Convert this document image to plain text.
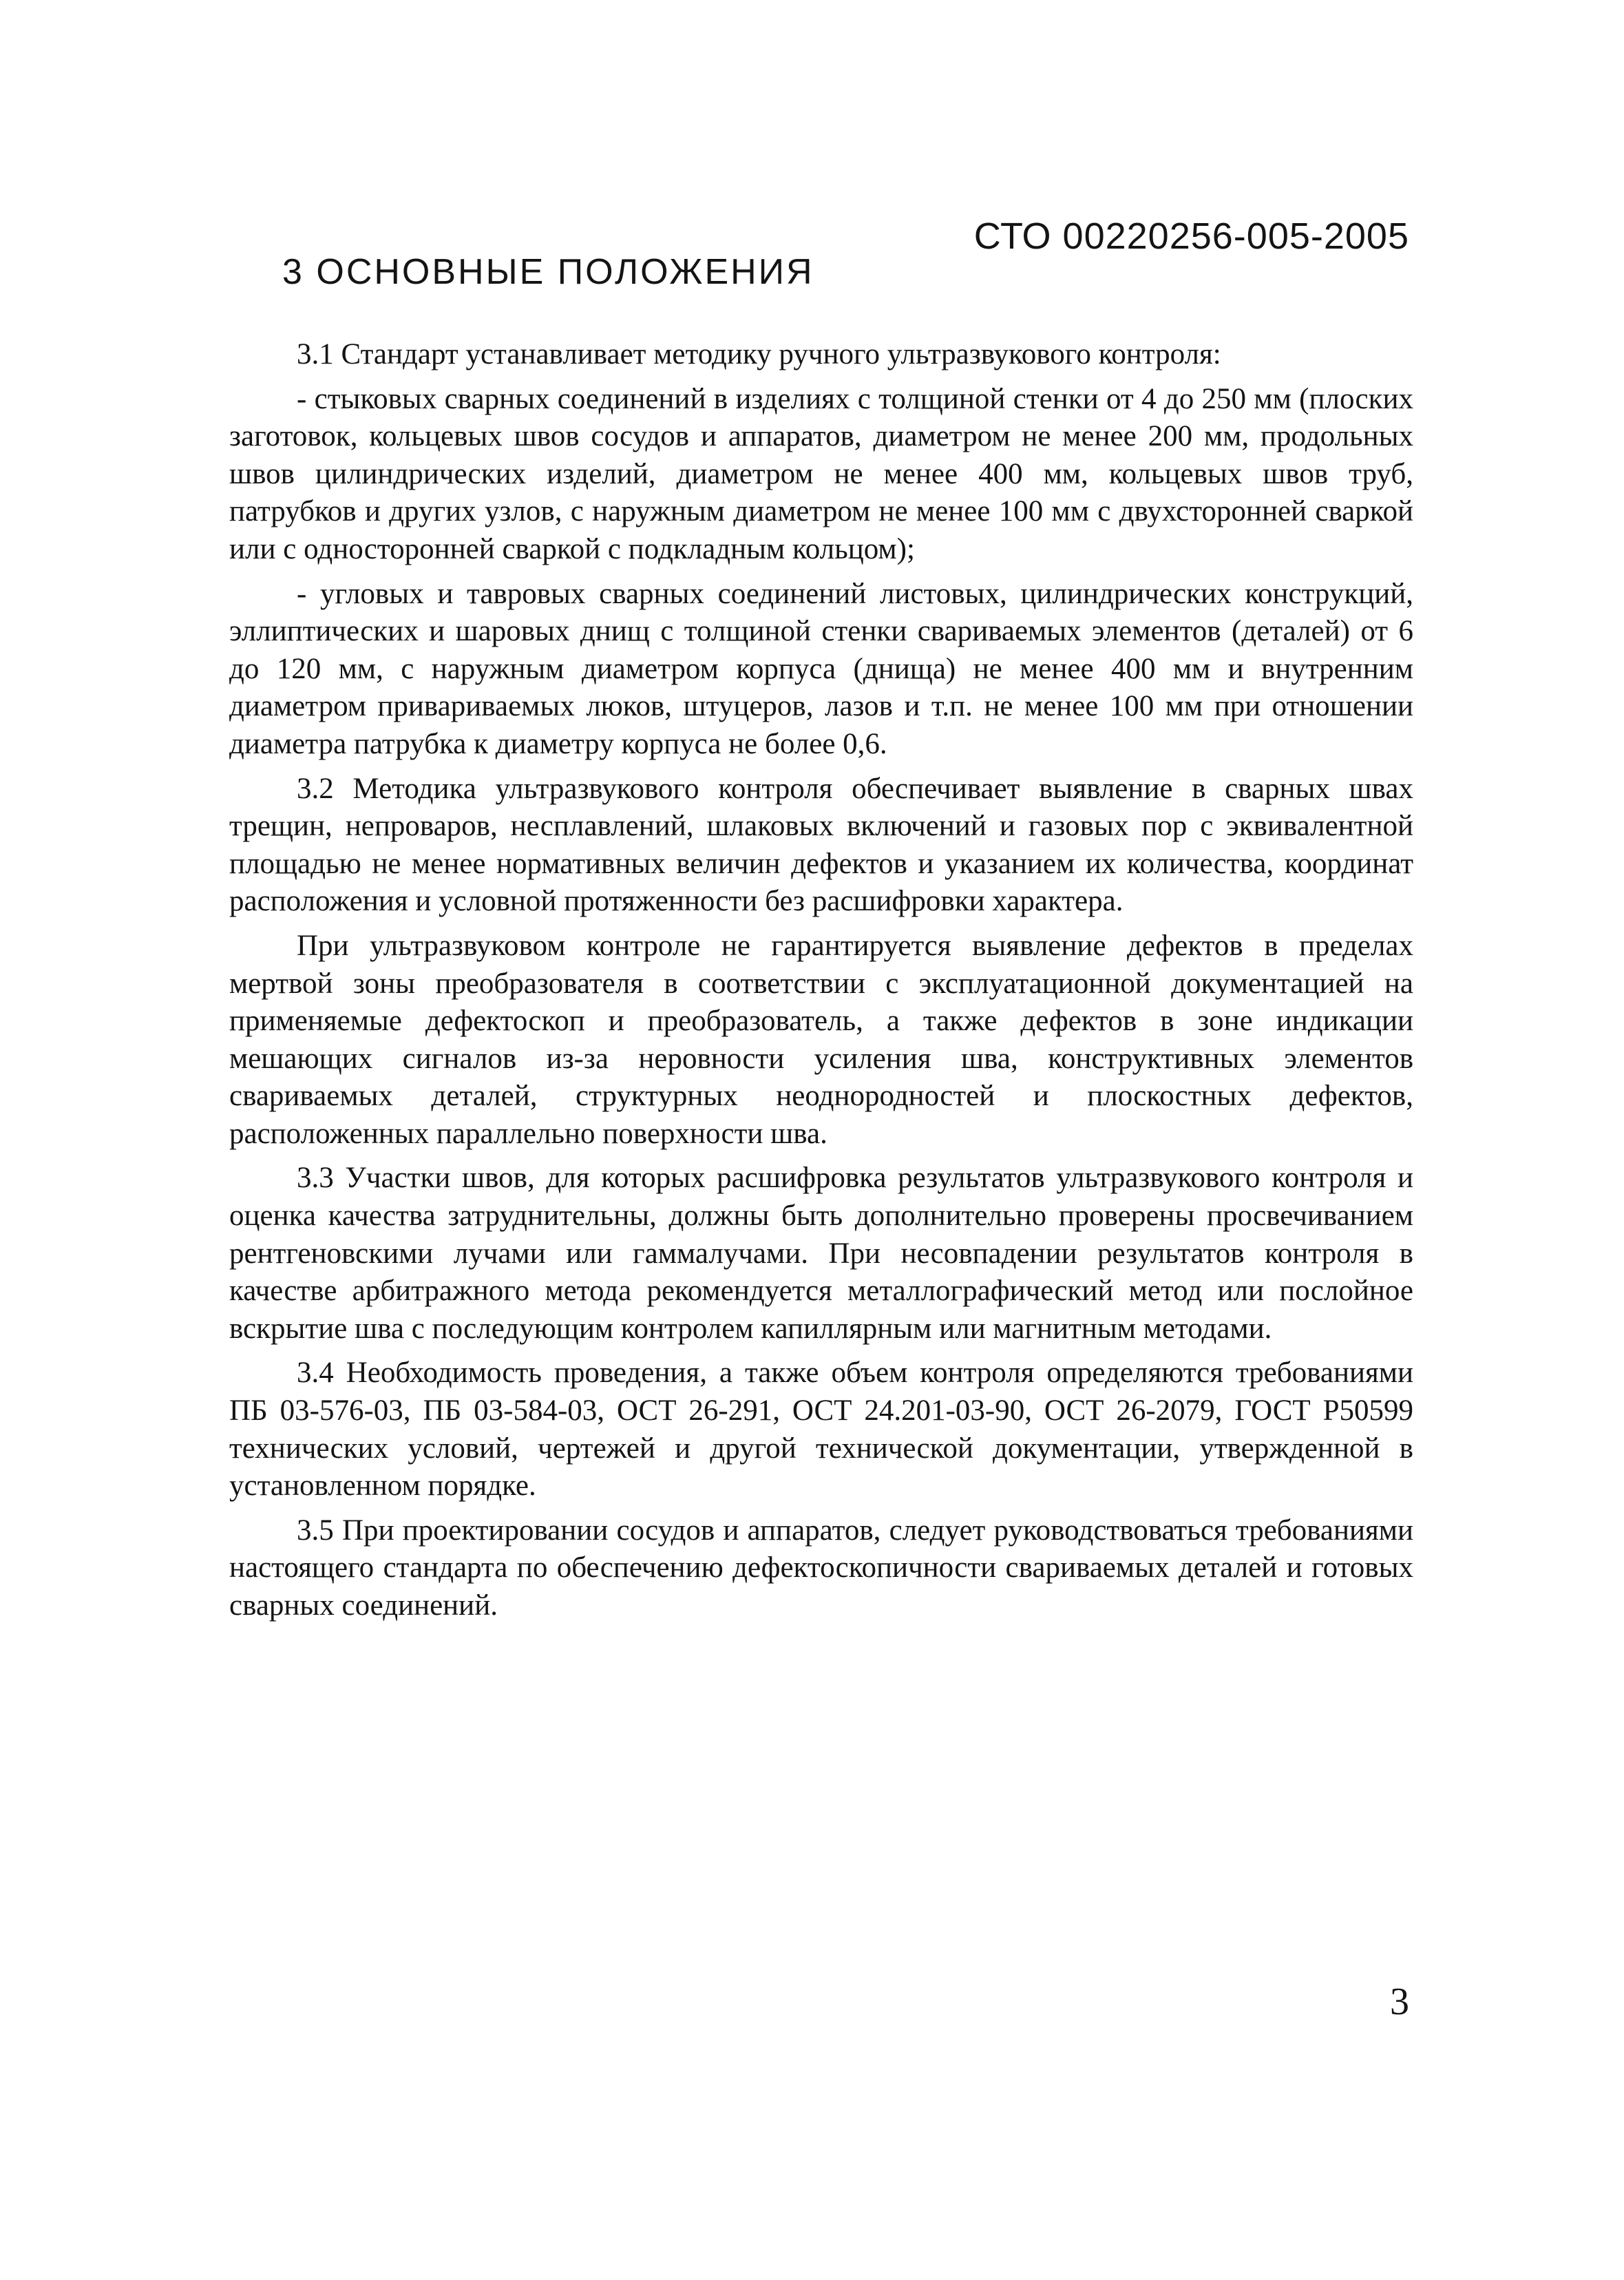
СТО 00220256-005-2005
3 ОСНОВНЫЕ ПОЛОЖЕНИЯ

3.1 Стандарт устанавливает методику ручного ультразвукового контроля:

- стыковых сварных соединений в изделиях с толщиной стенки от 4 до 250 мм (плоских заготовок, кольцевых швов сосудов и аппаратов, диаметром не менее 200 мм, продольных швов цилиндрических изделий, диаметром не менее 400 мм, кольцевых швов труб, патрубков и других узлов, с наружным диаметром не менее 100 мм с двухсторонней сваркой или с односторонней сваркой с подкладным кольцом);

- угловых и тавровых сварных соединений листовых, цилиндрических конструкций, эллиптических и шаровых днищ с толщиной стенки свариваемых элементов (деталей) от 6 до 120 мм, с наружным диаметром корпуса (днища) не менее 400 мм и внутренним диаметром привариваемых люков, штуцеров, лазов и т.п. не менее 100 мм при отношении диаметра патрубка к диаметру корпуса не более 0,6.

3.2 Методика ультразвукового контроля обеспечивает выявление в сварных швах трещин, непроваров, несплавлений, шлаковых включений и газовых пор с эквивалентной площадью не менее нормативных величин дефектов и указанием их количества, координат расположения и условной протяженности без расшифровки характера.

При ультразвуковом контроле не гарантируется выявление дефектов в пределах мертвой зоны преобразователя в соответствии с эксплуатационной документацией на применяемые дефектоскоп и преобразователь, а также дефектов в зоне индикации мешающих сигналов из-за неровности усиления шва, конструктивных элементов свариваемых деталей, структурных неоднородностей и плоскостных дефектов, расположенных параллельно поверхности шва.

3.3 Участки швов, для которых расшифровка результатов ультразвукового контроля и оценка качества затруднительны, должны быть дополнительно проверены просвечиванием рентгеновскими лучами или гаммалучами. При несовпадении результатов контроля в качестве арбитражного метода рекомендуется металлографический метод или послойное вскрытие шва с последующим контролем капиллярным или магнитным методами.

3.4 Необходимость проведения, а также объем контроля определяются требованиями ПБ 03-576-03, ПБ 03-584-03, ОСТ 26-291, ОСТ 24.201-03-90, ОСТ 26-2079, ГОСТ Р50599 технических условий, чертежей и другой технической документации, утвержденной в установленном порядке.

3.5 При проектировании сосудов и аппаратов, следует руководствоваться требованиями настоящего стандарта по обеспечению дефектоскопичности свариваемых деталей и готовых сварных соединений.

3
